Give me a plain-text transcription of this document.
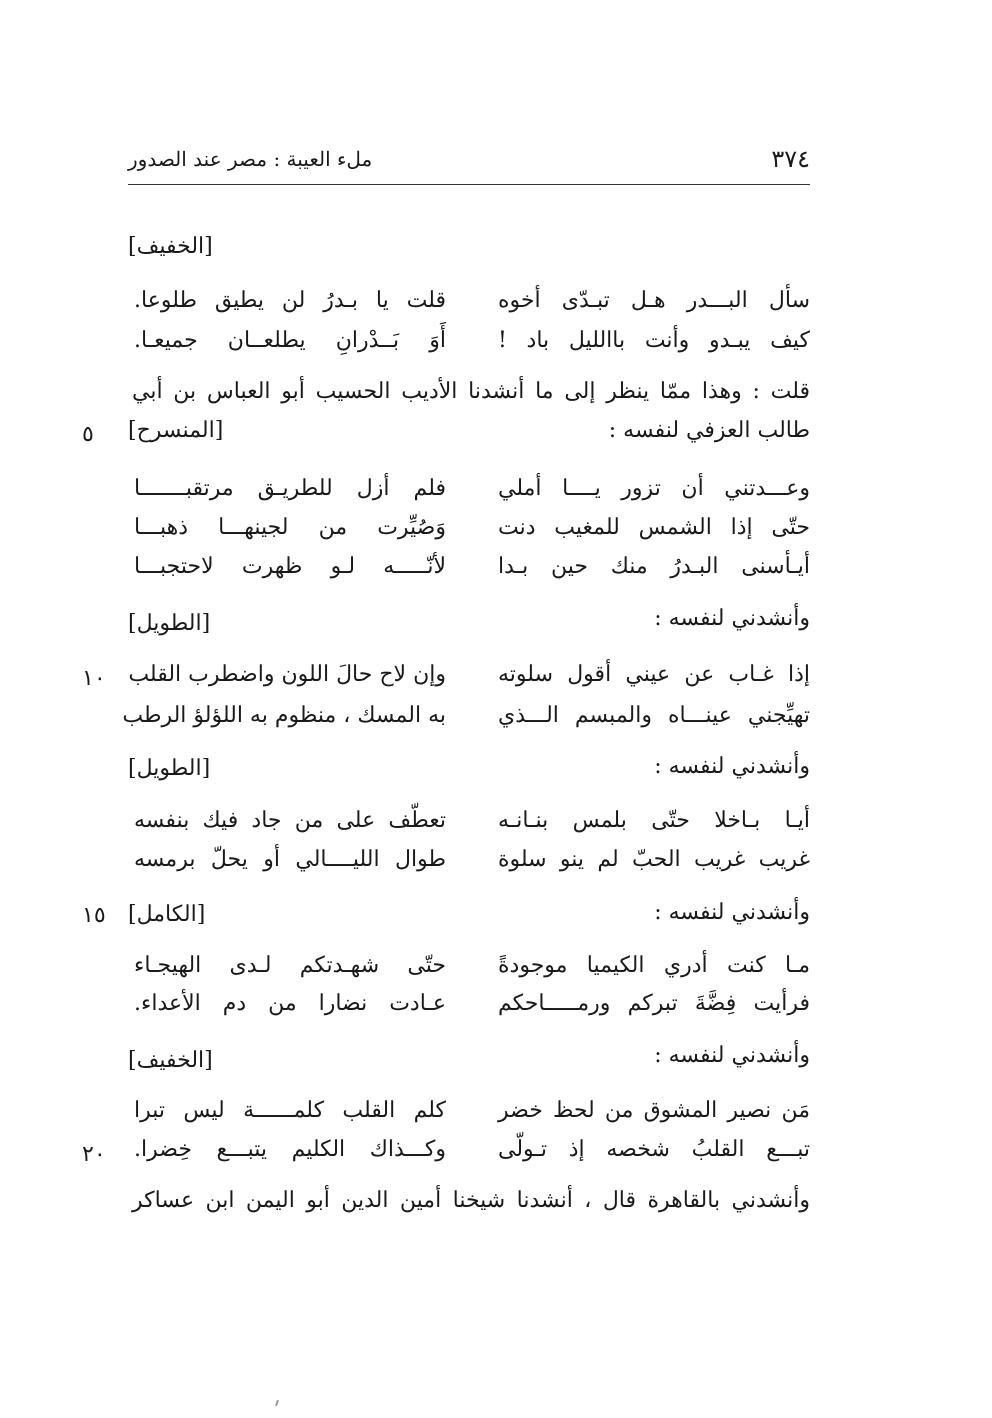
٣٧٤
ملء العيبة : مصر عند الصدور
[الخفيف]
سأل البـــدر هـل تبـدّى أخوه
قلت يا بـدرُ لن يطيق طلوعا.
كيف يبـدو وأنت باالليل باد !
أَوَ بَــدْرانِ يطلعــان جميعـا.
قلت : وهذا ممّا ينظر إلى ما أنشدنا الأديب الحسيب أبو العباس بن أبي
طالب العزفي لنفسه :
[المنسرح]
٥
وعـــدتني أن تزور يــــا أملي
فلم أزل للطريـق مرتقبـــــــا
حتّى إذا الشمس للمغيب دنت
وَصُيِّرت من لجينهـــا ذهبـــا
أيـأسنى البـدرُ منك حين بـدا
لأنّـــــه لـو ظهرت لاحتجبـــا
وأنشدني لنفسه :
[الطويل]
إذا غـاب عن عيني أقول سلوته
وإن لاح حالَ اللون واضطرب القلب
١٠
تهيِّجني عينـــاه والمبسم الـــذي
به المسك ، منظوم به اللؤلؤ الرطب
وأنشدني لنفسه :
[الطويل]
أيـا بـاخلا حتّى بلمس بنـانـه
تعطّف على من جاد فيك بنفسه
غريب غريب الحبّ لم ينو سلوة
طوال الليــــالي أو يحلّ برمسه
وأنشدني لنفسه :
[الكامل]
١٥
مـا كنت أدري الكيميا موجودةً
حتّى شهـدتكم لـدى الهيجـاء
فرأيت فِضَّةَ تبركم ورمـــــاحكم
عـادت نضارا من دم الأعداء.
وأنشدني لنفسه :
[الخفيف]
مَن نصير المشوق من لحظ خضر
كلم القلب كلمــــــة ليس تبرا
تبـــع القلبُ شخصه إذ تـولّى
وكـــذاك الكليم يتبـــع خِضرا.
٢٠
وأنشدني بالقاهرة قال ، أنشدنا شيخنا أمين الدين أبو اليمن ابن عساكر
